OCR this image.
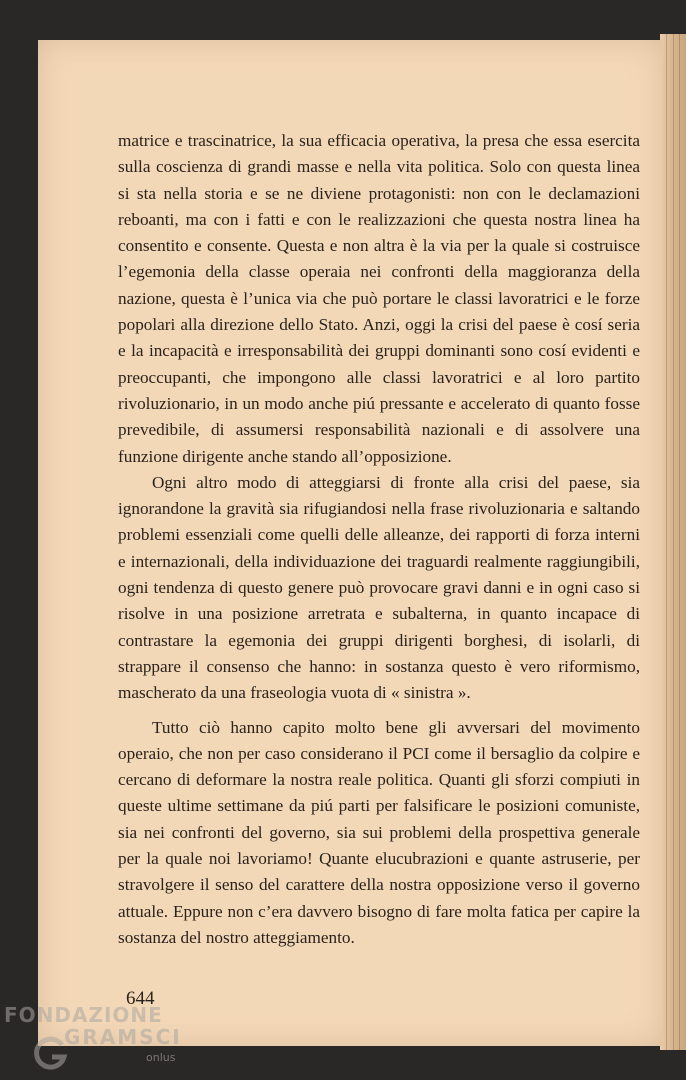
matrice e trascinatrice, la sua efficacia operativa, la presa che essa esercita sulla coscienza di grandi masse e nella vita politica. Solo con questa linea si sta nella storia e se ne diviene protagonisti: non con le declamazioni reboanti, ma con i fatti e con le realizzazioni che questa nostra linea ha consentito e consente. Questa e non altra è la via per la quale si costruisce l’egemonia della classe operaia nei confronti della maggioranza della nazione, questa è l’unica via che può portare le classi lavoratrici e le forze popolari alla direzione dello Stato. Anzi, oggi la crisi del paese è cosí seria e la incapacità e irresponsabilità dei gruppi dominanti sono cosí evidenti e preoccupanti, che impongono alle classi lavoratrici e al loro partito rivoluzionario, in un modo anche piú pressante e accelerato di quanto fosse prevedibile, di assumersi responsabilità nazionali e di assolvere una funzione dirigente anche stando all’opposizione.

Ogni altro modo di atteggiarsi di fronte alla crisi del paese, sia ignorandone la gravità sia rifugiandosi nella frase rivoluzionaria e saltando problemi essenziali come quelli delle alleanze, dei rapporti di forza interni e internazionali, della individuazione dei traguardi realmente raggiungibili, ogni tendenza di questo genere può provocare gravi danni e in ogni caso si risolve in una posizione arretrata e subalterna, in quanto incapace di contrastare la egemonia dei gruppi dirigenti borghesi, di isolarli, di strappare il consenso che hanno: in sostanza questo è vero riformismo, mascherato da una fraseologia vuota di « sinistra ».

Tutto ciò hanno capito molto bene gli avversari del movimento operaio, che non per caso considerano il PCI come il bersaglio da colpire e cercano di deformare la nostra reale politica. Quanti gli sforzi compiuti in queste ultime settimane da piú parti per falsificare le posizioni comuniste, sia nei confronti del governo, sia sui problemi della prospettiva generale per la quale noi lavoriamo! Quante elucubrazioni e quante astruserie, per stravolgere il senso del carattere della nostra opposizione verso il governo attuale. Eppure non c’era davvero bisogno di fare molta fatica per capire la sostanza del nostro atteggiamento.

644
FONDAZIONE
GRAMSCI
onlus
